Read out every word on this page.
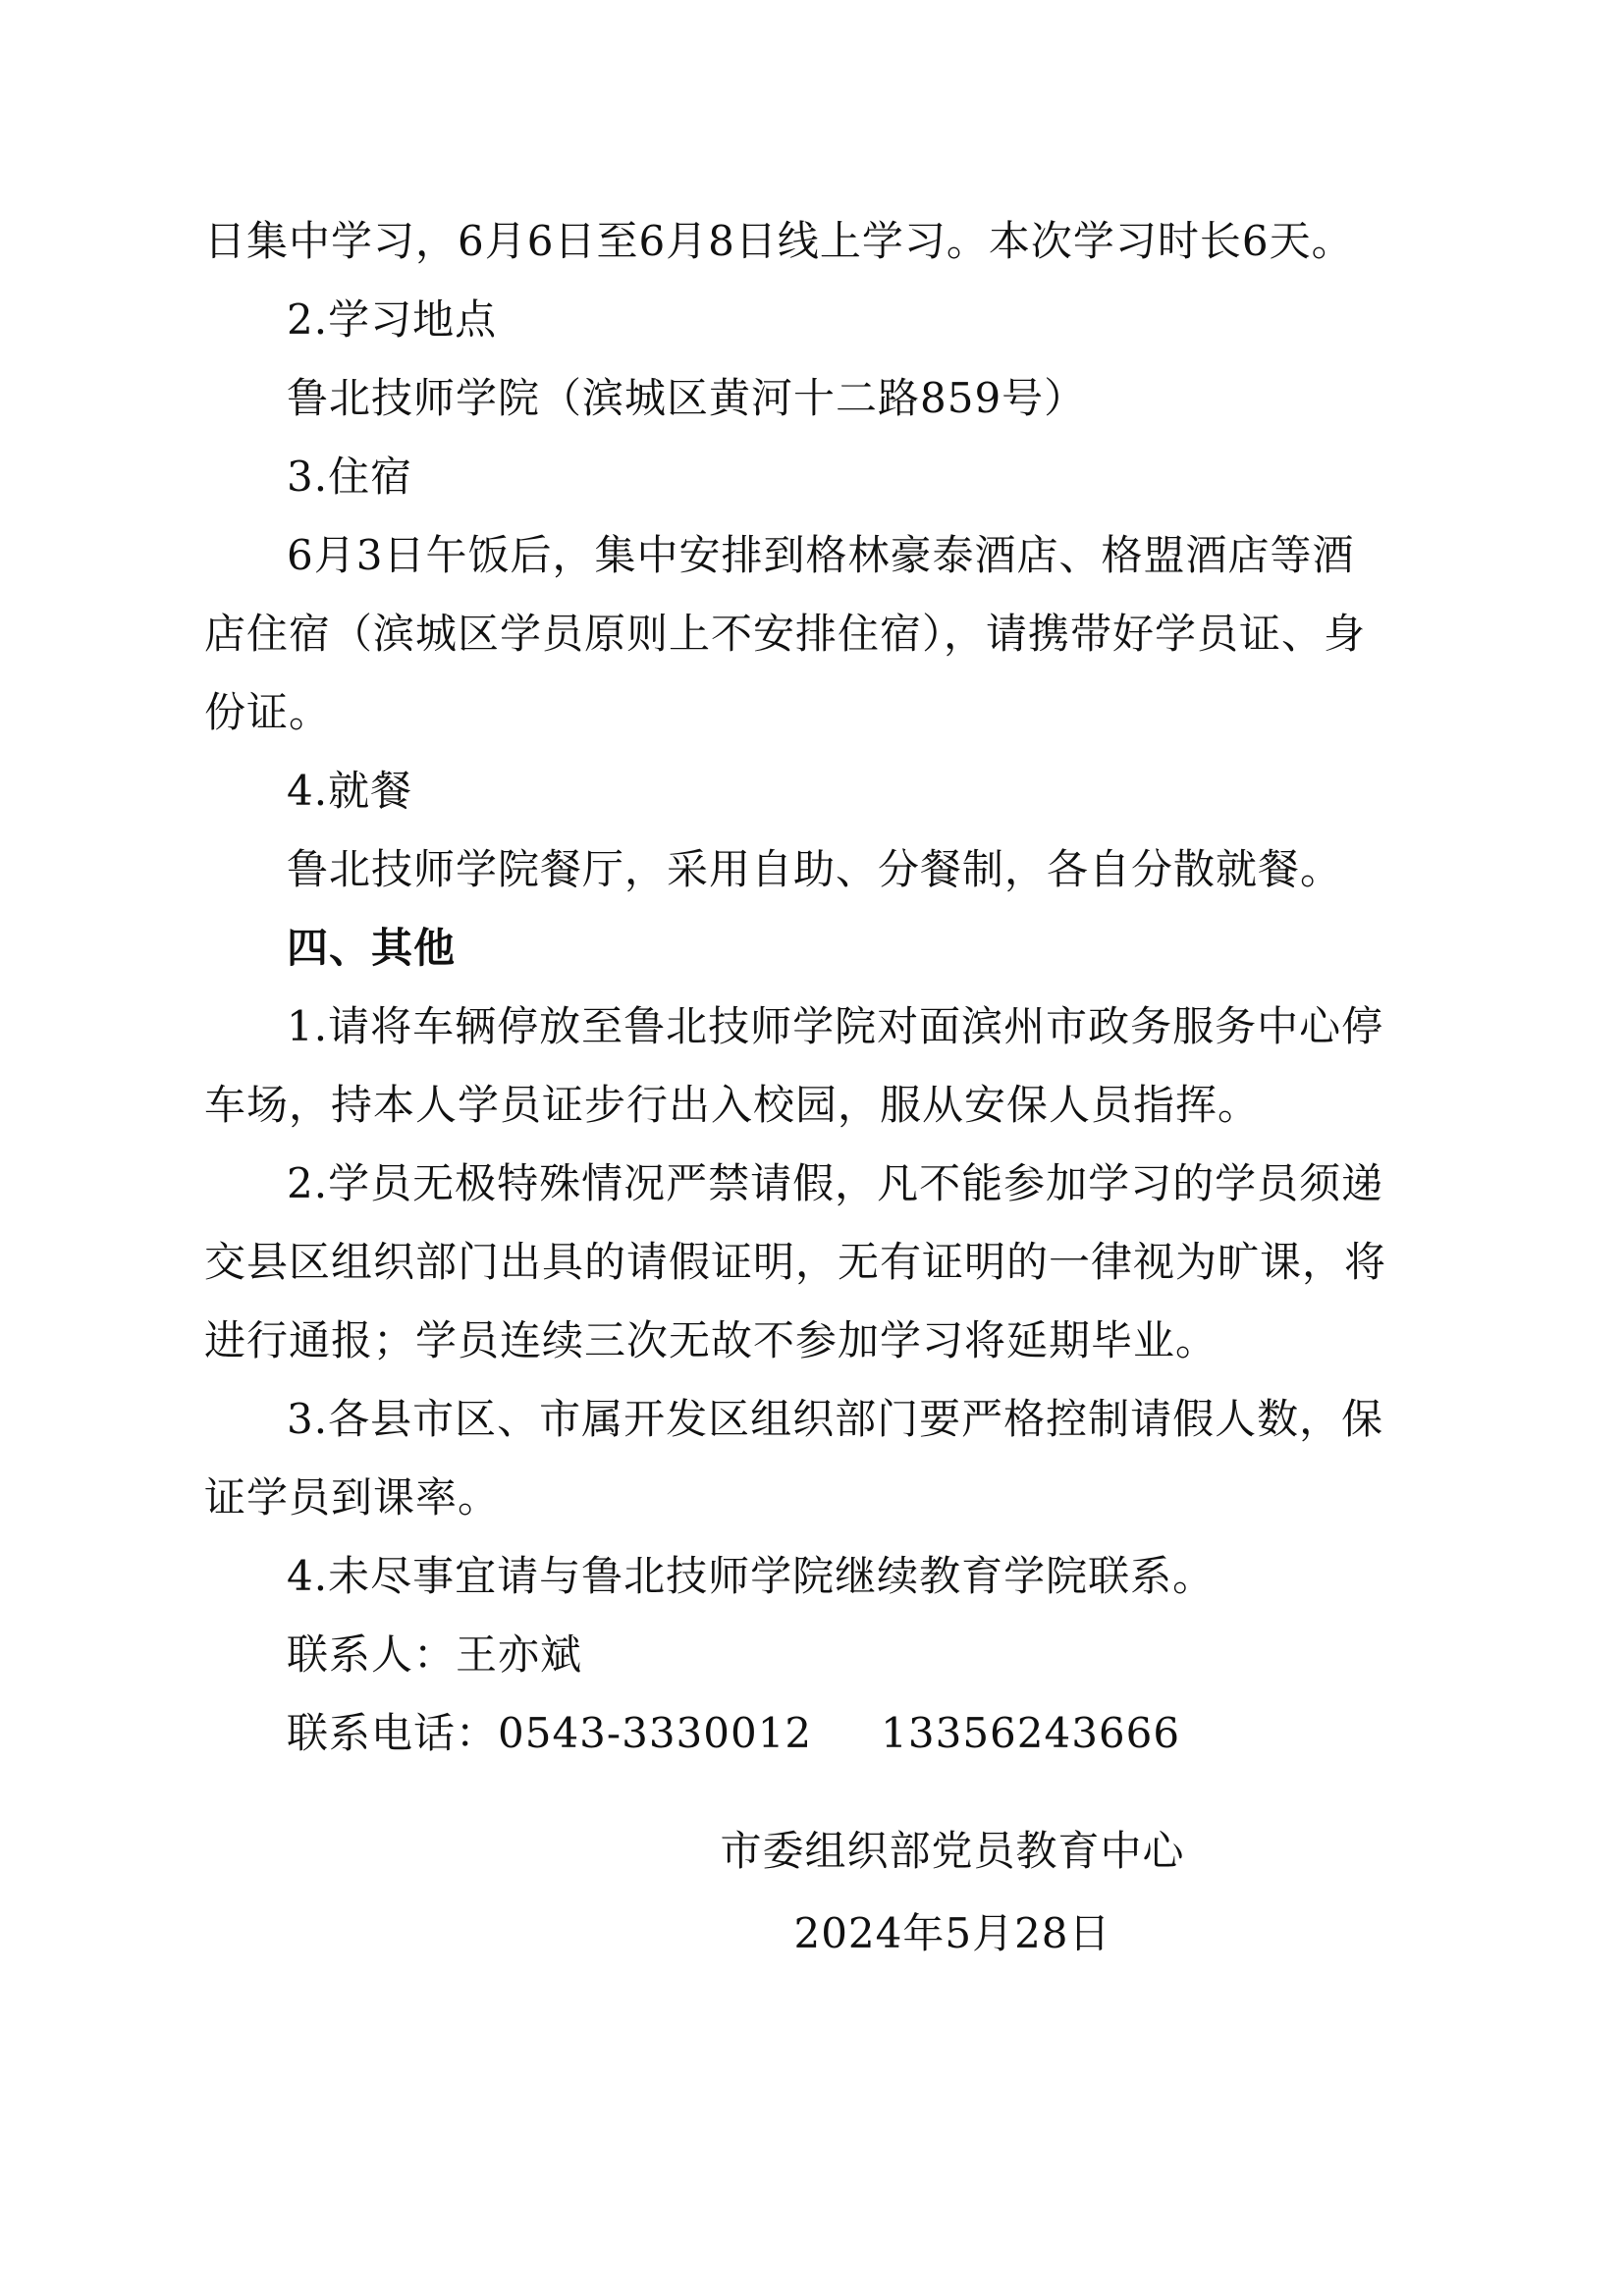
日集中学习，6月6日至6月8日线上学习。本次学习时长6天。
2.学习地点
鲁北技师学院（滨城区黄河十二路859号）
3.住宿
6月3日午饭后，集中安排到格林豪泰酒店、格盟酒店等酒
店住宿（滨城区学员原则上不安排住宿），请携带好学员证、身
份证。
4.就餐
鲁北技师学院餐厅，采用自助、分餐制，各自分散就餐。
四、其他
1.请将车辆停放至鲁北技师学院对面滨州市政务服务中心停
车场，持本人学员证步行出入校园，服从安保人员指挥。
2.学员无极特殊情况严禁请假，凡不能参加学习的学员须递
交县区组织部门出具的请假证明，无有证明的一律视为旷课，将
进行通报；学员连续三次无故不参加学习将延期毕业。
3.各县市区、市属开发区组织部门要严格控制请假人数，保
证学员到课率。
4.未尽事宜请与鲁北技师学院继续教育学院联系。
联系人：王亦斌
联系电话：0543-3330012 13356243666
市委组织部党员教育中心
2024年5月28日
